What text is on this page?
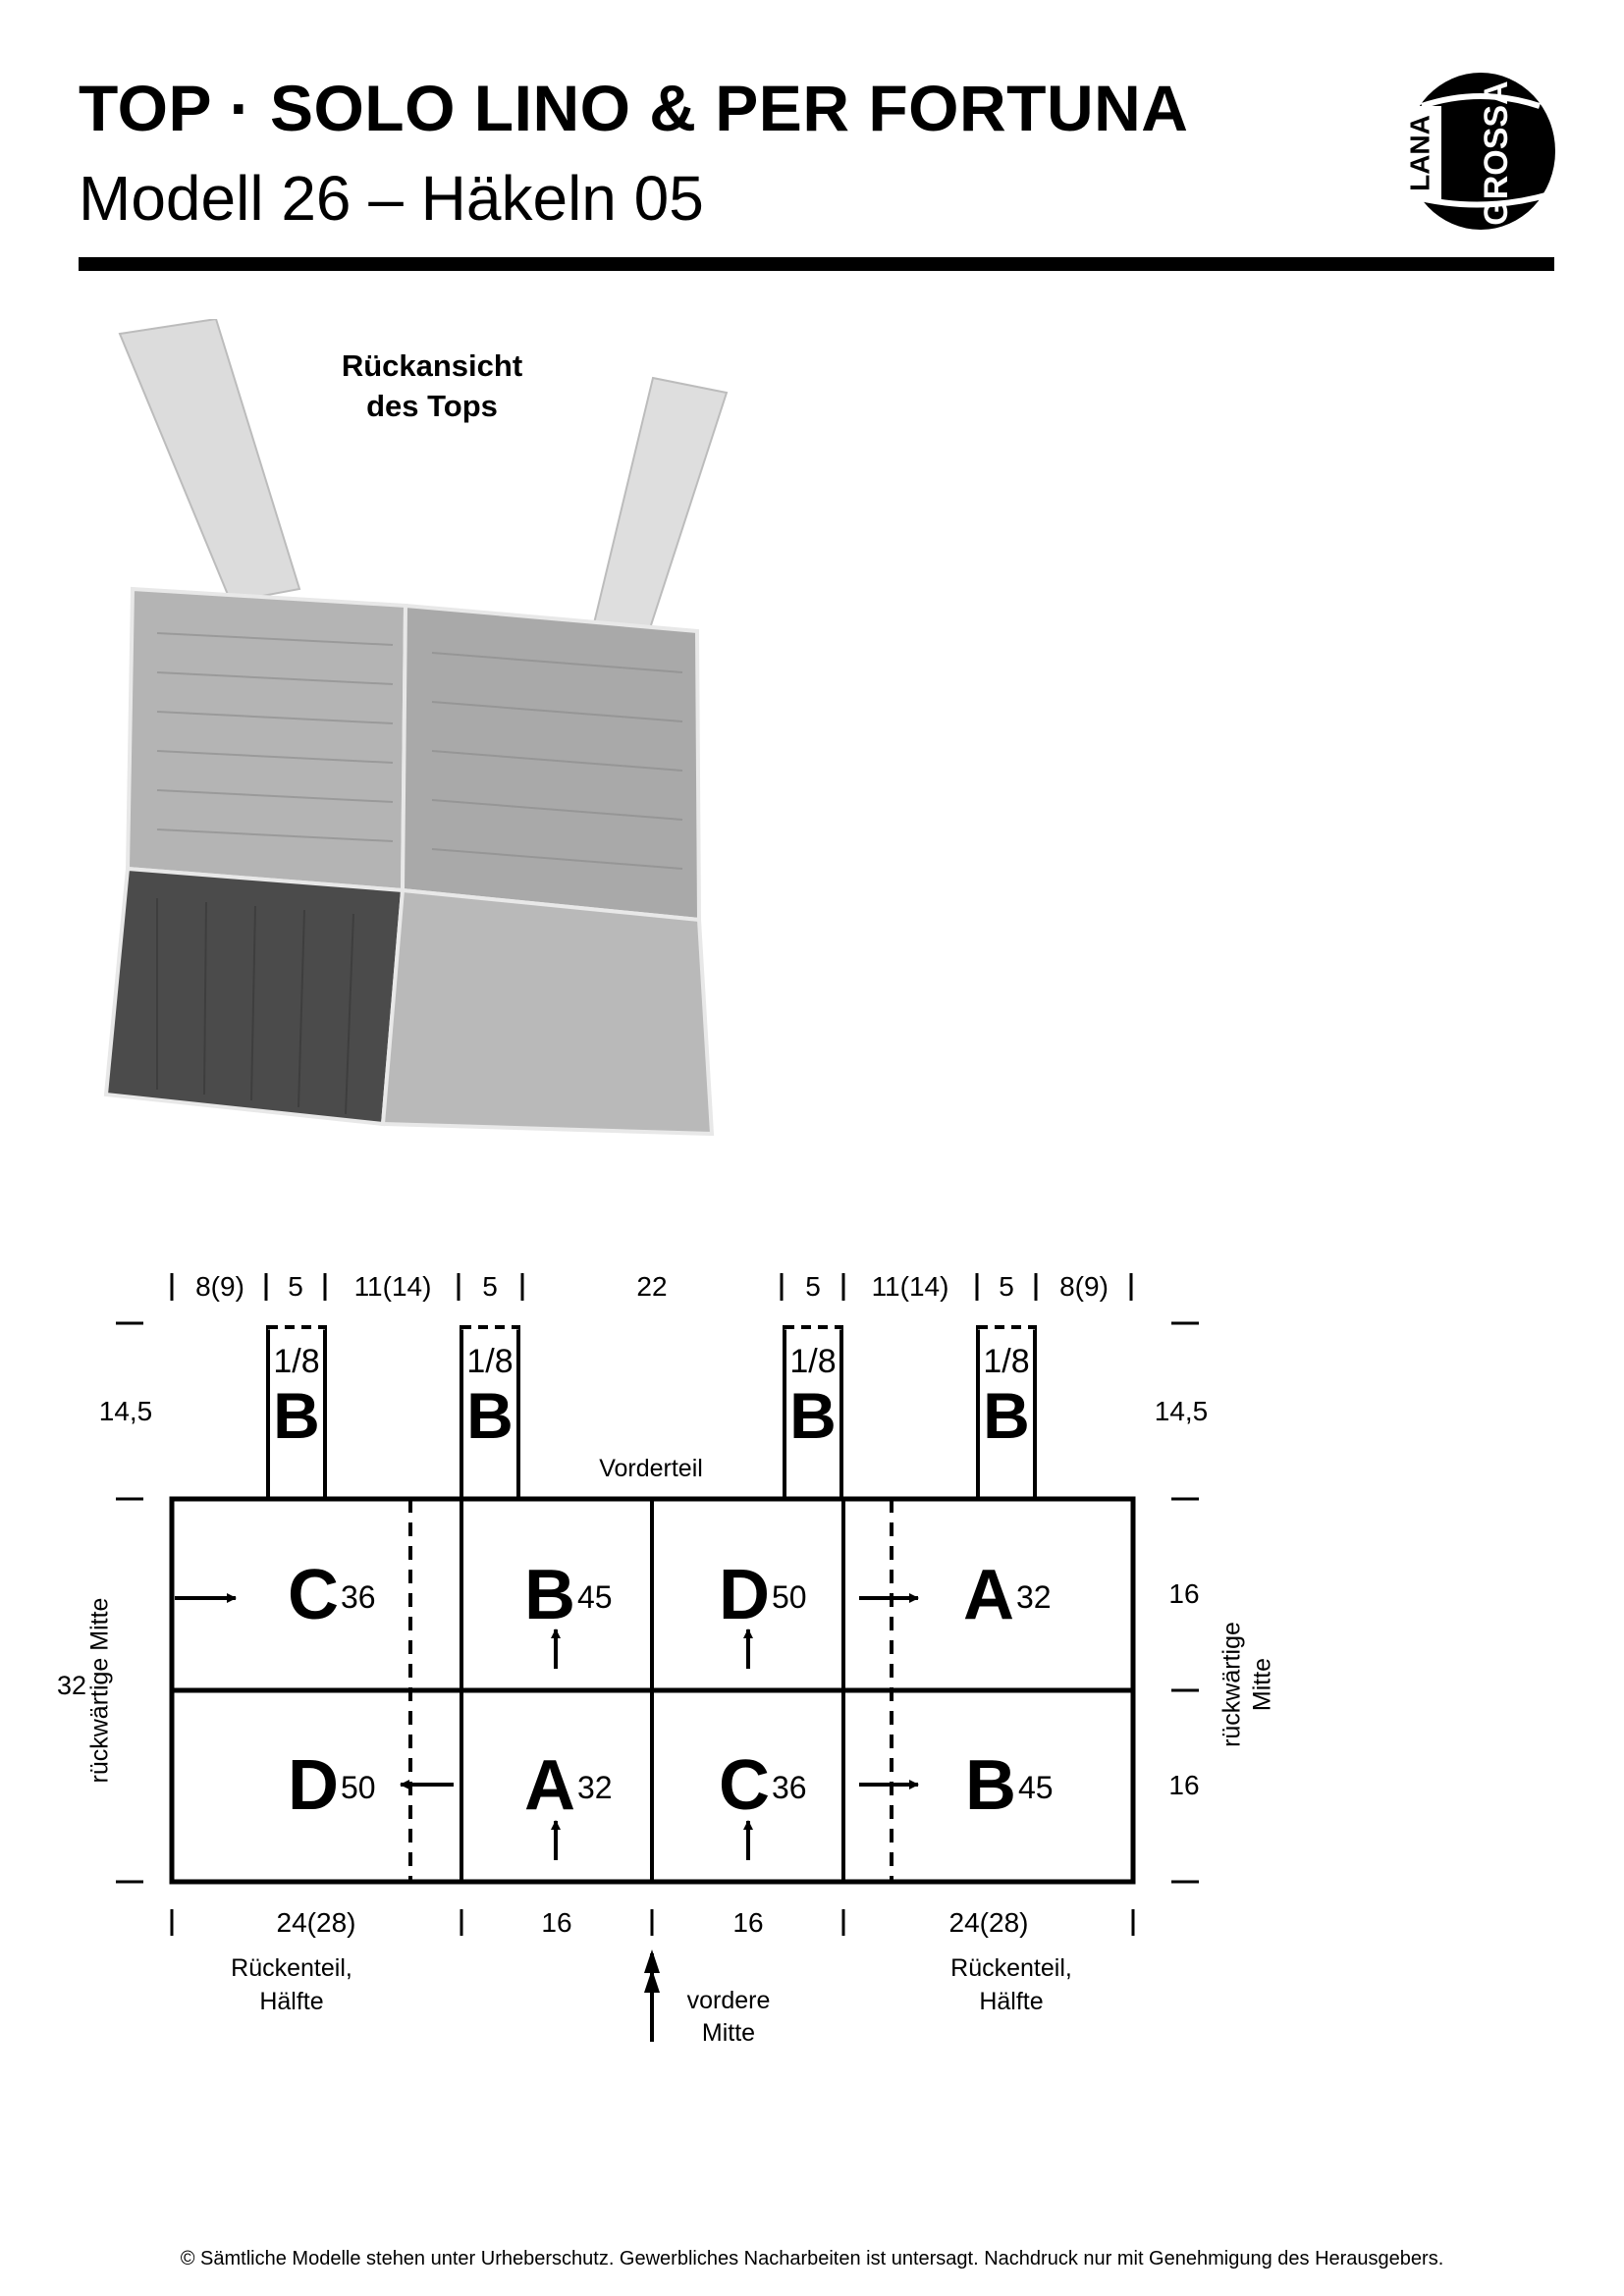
TOP · SOLO LINO & PER FORTUNA
Modell 26 – Häkeln 05
LANA GROSSA
Rückansicht
des Tops
8(9) 5 11(14) 5	22	5 11(14) 5 8(9)
14,5	14,5
1/8
B
1/8
B
1/8
B
1/8
B
Vorderteil
C 36 B 45 D 50 A 32
D 50 A 32 C 36 B 45
32 rückwärtige Mitte
16
16
rückwärtige Mitte
24(28)	16	16	24(28)
Rückenteil,
Hälfte
Rückenteil,
Hälfte
vordere
Mitte
© Sämtliche Modelle stehen unter Urheberschutz. Gewerbliches Nacharbeiten ist untersagt. Nachdruck nur mit Genehmigung des Herausgebers.
